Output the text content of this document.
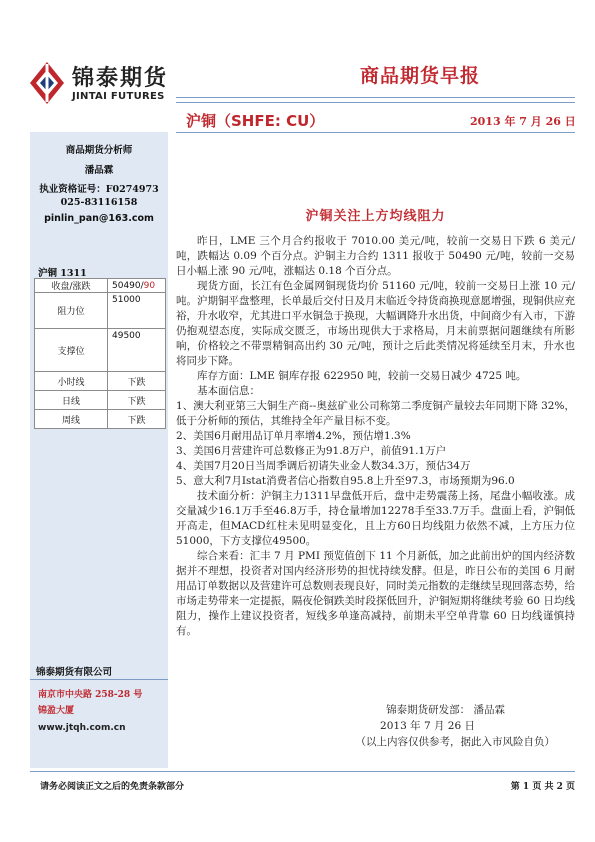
锦泰期货
JINTAI FUTURES
商品期货早报
沪铜（SHFE: CU）	2013 年 7 月 26 日
商品期货分析师
潘品霖
执业资格证号：F0274973
025-83116158
pinlin_pan@163.com
沪铜 1311
收盘/涨跌	50490/90
阻力位	51000
支撑位	49500
小时线	下跌
日线	下跌
周线	下跌
锦泰期货有限公司
南京市中央路 258-28 号
锦盈大厦
www.jtqh.com.cn
沪铜关注上方均线阻力

昨日，LME 三个月合约报收于 7010.00 美元/吨，较前一交易日下跌 6 美元/吨，跌幅达 0.09 个百分点。沪铜主力合约 1311 报收于 50490 元/吨，较前一交易日小幅上涨 90 元/吨，涨幅达 0.18 个百分点。

现货方面，长江有色金属网铜现货均价 51160 元/吨，较前一交易日上涨 10 元/吨。沪期铜平盘整理，长单最后交付日及月末临近令持货商换现意愿增强，现铜供应充裕，升水收窄，尤其进口平水铜急于换现，大幅调降升水出货，中间商少有入市，下游仍抱观望态度，实际成交匮乏，市场出现供大于求格局，月末前票据问题继续有所影响，价格较之不带票精铜高出约 30 元/吨，预计之后此类情况将延续至月末，升水也将同步下降。

库存方面：LME 铜库存报 622950 吨，较前一交易日减少 4725 吨。

基本面信息：

1、澳大利亚第三大铜生产商--奥兹矿业公司称第二季度铜产量较去年同期下降 32%，低于分析师的预估，其维持全年产量目标不变。

2、美国6月耐用品订单月率增4.2%，预估增1.3%

3、美国6月营建许可总数修正为91.8万户，前值91.1万户

4、美国7月20日当周季调后初请失业金人数34.3万，预估34万

5、意大利7月Istat消费者信心指数自95.8上升至97.3，市场预期为96.0

技术面分析：沪铜主力1311早盘低开后，盘中走势震荡上扬，尾盘小幅收涨。成交量减少16.1万手至46.8万手，持仓量增加12278手至33.7万手。盘面上看，沪铜低开高走，但MACD红柱未见明显变化，且上方60日均线阻力依然不减，上方压力位51000，下方支撑位49500。

综合来看：汇丰 7 月 PMI 预览值创下 11 个月新低，加之此前出炉的国内经济数据并不理想，投资者对国内经济形势的担忧持续发酵。但是，昨日公布的美国 6 月耐用品订单数据以及营建许可总数则表现良好，同时美元指数的走继续呈现回落态势，给市场走势带来一定提振，隔夜伦铜跌美时段探低回升，沪铜短期将继续考验 60 日均线阻力，操作上建议投资者，短线多单逢高减持，前期未平空单背靠 60 日均线谨慎持有。

锦泰期货研发部： 潘品霖
2013 年 7 月 26 日
（以上内容仅供参考，据此入市风险自负）
请务必阅读正文之后的免责条款部分	第 1 页 共 2 页
